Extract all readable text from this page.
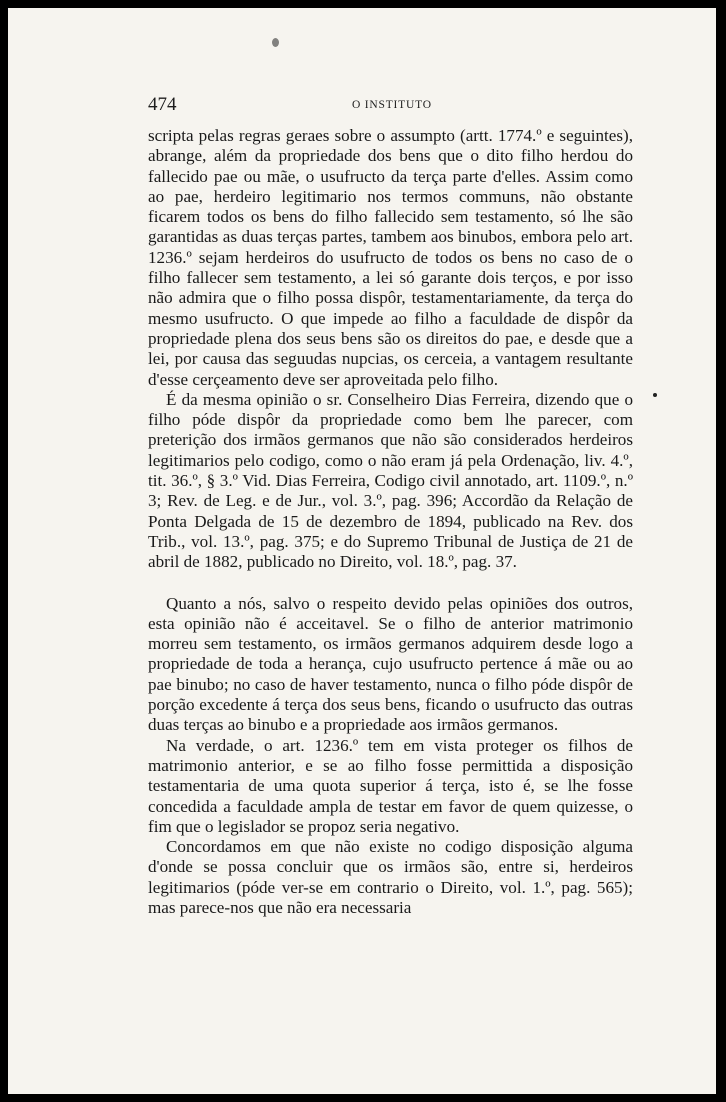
474	O INSTITUTO

scripta pelas regras geraes sobre o assumpto (artt. 1774.º e seguintes), abrange, além da propriedade dos bens que o dito filho herdou do fallecido pae ou mãe, o usufructo da terça parte d'elles. Assim como ao pae, herdeiro legitimario nos termos communs, não obstante ficarem todos os bens do filho fallecido sem testamento, só lhe são garantidas as duas terças partes, tambem aos binubos, embora pelo art. 1236.º sejam herdeiros do usufructo de todos os bens no caso de o filho fallecer sem testamento, a lei só garante dois terços, e por isso não admira que o filho possa dispôr, testamentariamente, da terça do mesmo usufructo. O que impede ao filho a faculdade de dispôr da propriedade plena dos seus bens são os direitos do pae, e desde que a lei, por causa das seguudas nupcias, os cerceia, a vantagem resultante d'esse cerçeamento deve ser aproveitada pelo filho.

É da mesma opinião o sr. Conselheiro Dias Ferreira, dizendo que o filho póde dispôr da propriedade como bem lhe parecer, com preterição dos irmãos germanos que não são considerados herdeiros legitimarios pelo codigo, como o não eram já pela Ordenação, liv. 4.º, tit. 36.º, § 3.º Vid. Dias Ferreira, Codigo civil annotado, art. 1109.º, n.º 3; Rev. de Leg. e de Jur., vol. 3.º, pag. 396; Accordão da Relação de Ponta Delgada de 15 de dezembro de 1894, publicado na Rev. dos Trib., vol. 13.º, pag. 375; e do Supremo Tribunal de Justiça de 21 de abril de 1882, publicado no Direito, vol. 18.º, pag. 37.

Quanto a nós, salvo o respeito devido pelas opiniões dos outros, esta opinião não é acceitavel. Se o filho de anterior matrimonio morreu sem testamento, os irmãos germanos adquirem desde logo a propriedade de toda a herança, cujo usufructo pertence á mãe ou ao pae binubo; no caso de haver testamento, nunca o filho póde dispôr de porção excedente á terça dos seus bens, ficando o usufructo das outras duas terças ao binubo e a propriedade aos irmãos germanos.

Na verdade, o art. 1236.º tem em vista proteger os filhos de matrimonio anterior, e se ao filho fosse permittida a disposição testamentaria de uma quota superior á terça, isto é, se lhe fosse concedida a faculdade ampla de testar em favor de quem quizesse, o fim que o legislador se propoz seria negativo.

Concordamos em que não existe no codigo disposição alguma d'onde se possa concluir que os irmãos são, entre si, herdeiros legitimarios (póde ver-se em contrario o Direito, vol. 1.º, pag. 565); mas parece-nos que não era necessaria
